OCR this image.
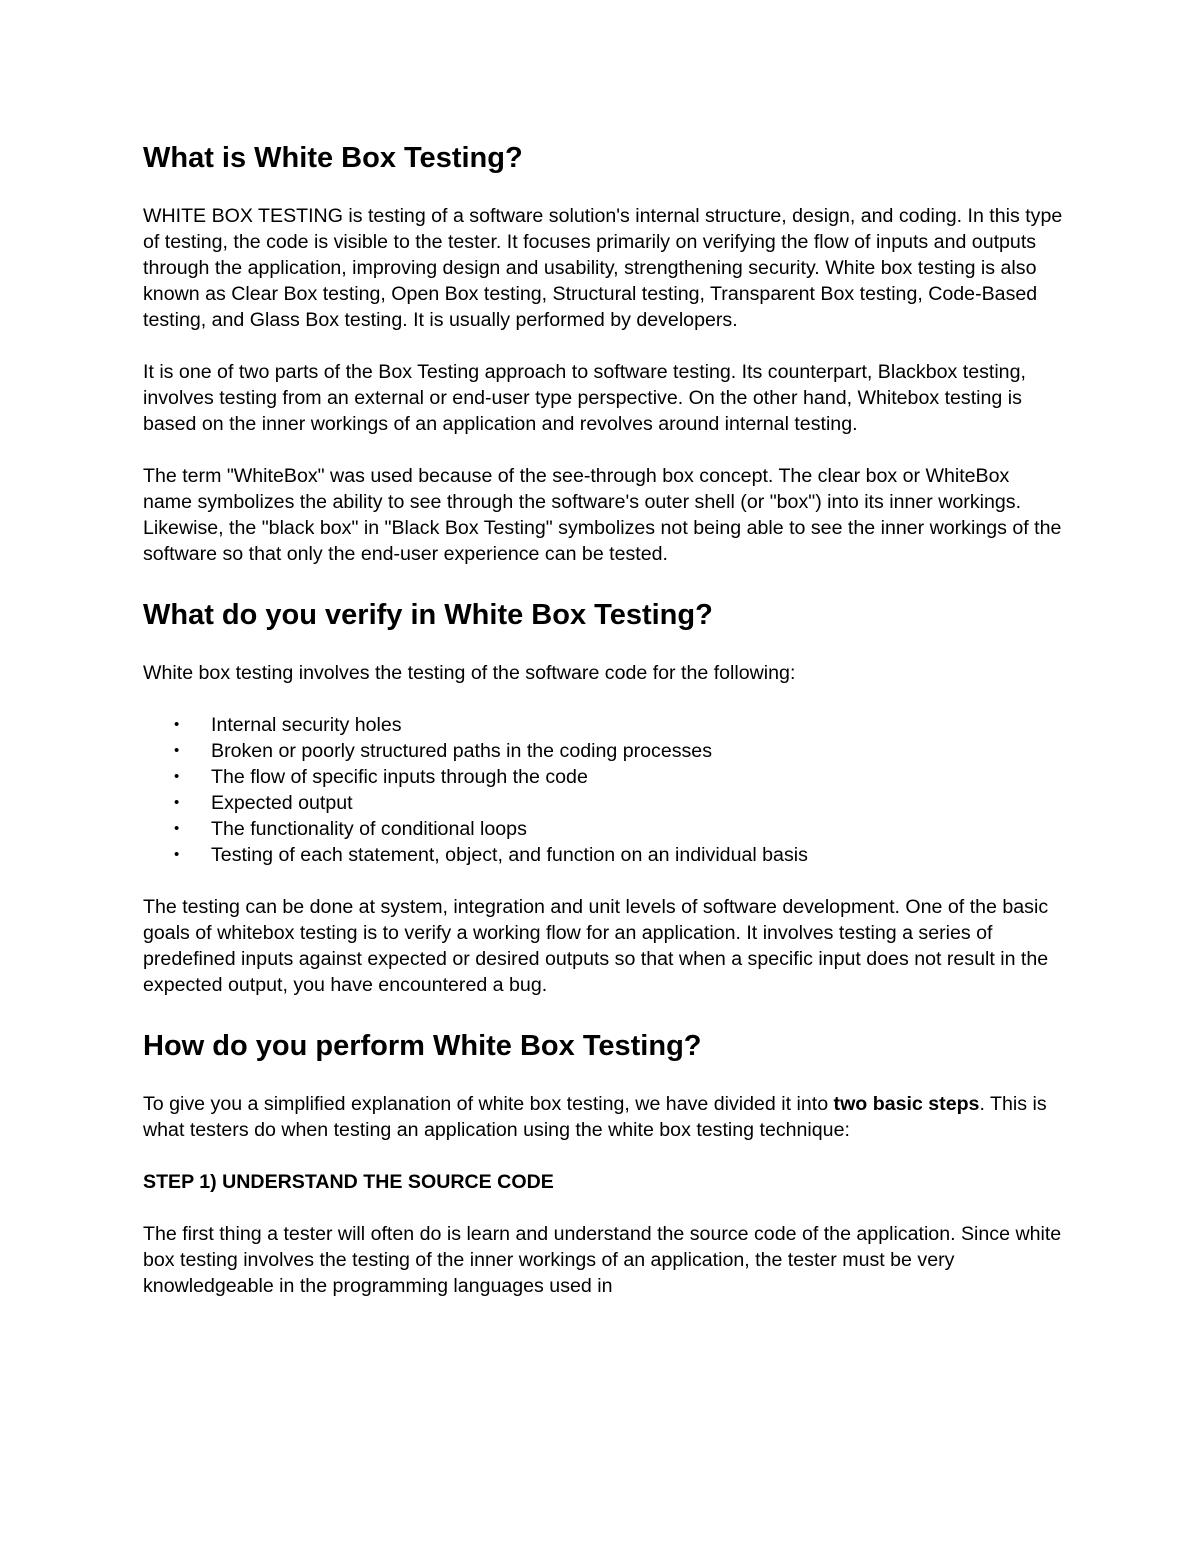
What is White Box Testing?

WHITE BOX TESTING is testing of a software solution's internal structure, design, and coding. In this type of testing, the code is visible to the tester. It focuses primarily on verifying the flow of inputs and outputs through the application, improving design and usability, strengthening security. White box testing is also known as Clear Box testing, Open Box testing, Structural testing, Transparent Box testing, Code-Based testing, and Glass Box testing. It is usually performed by developers.

It is one of two parts of the Box Testing approach to software testing. Its counterpart, Blackbox testing, involves testing from an external or end-user type perspective. On the other hand, Whitebox testing is based on the inner workings of an application and revolves around internal testing.

The term "WhiteBox" was used because of the see-through box concept. The clear box or WhiteBox name symbolizes the ability to see through the software's outer shell (or "box") into its inner workings. Likewise, the "black box" in "Black Box Testing" symbolizes not being able to see the inner workings of the software so that only the end-user experience can be tested.

What do you verify in White Box Testing?

White box testing involves the testing of the software code for the following:

• Internal security holes
• Broken or poorly structured paths in the coding processes
• The flow of specific inputs through the code
• Expected output
• The functionality of conditional loops
• Testing of each statement, object, and function on an individual basis

The testing can be done at system, integration and unit levels of software development. One of the basic goals of whitebox testing is to verify a working flow for an application. It involves testing a series of predefined inputs against expected or desired outputs so that when a specific input does not result in the expected output, you have encountered a bug.

How do you perform White Box Testing?

To give you a simplified explanation of white box testing, we have divided it into two basic steps. This is what testers do when testing an application using the white box testing technique:

STEP 1) UNDERSTAND THE SOURCE CODE

The first thing a tester will often do is learn and understand the source code of the application. Since white box testing involves the testing of the inner workings of an application, the tester must be very knowledgeable in the programming languages used in
